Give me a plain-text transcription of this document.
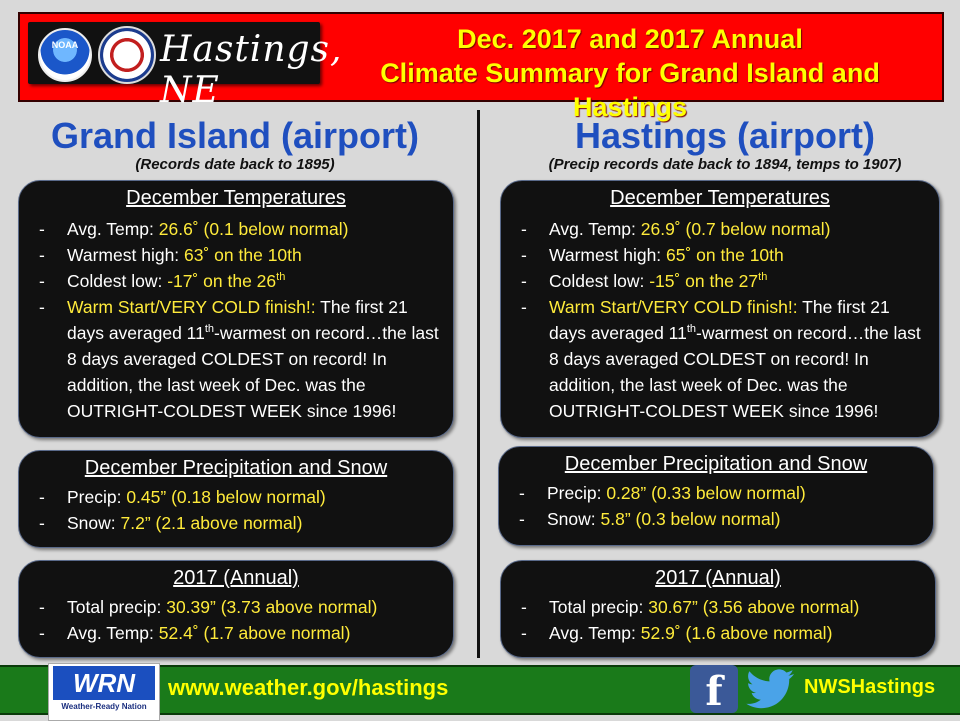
NOAA	Hastings, NE
Dec. 2017 and 2017 Annual
Climate Summary for Grand Island and Hastings
Grand Island (airport)
(Records date back to 1895)
December Temperatures
- Avg. Temp: 26.6˚ (0.1 below normal)
- Warmest high: 63˚ on the 10th
- Coldest low: -17˚ on the 26th
- Warm Start/VERY COLD finish!: The first 21 days averaged 11th-warmest on record…the last 8 days averaged COLDEST on record! In addition, the last week of Dec. was the OUTRIGHT-COLDEST WEEK since 1996!
December Precipitation and Snow
- Precip: 0.45” (0.18 below normal)
- Snow: 7.2” (2.1 above normal)
2017 (Annual)
- Total precip: 30.39” (3.73 above normal)
- Avg. Temp: 52.4˚ (1.7 above normal)
Hastings (airport)
(Precip records date back to 1894, temps to 1907)
December Temperatures
- Avg. Temp: 26.9˚ (0.7 below normal)
- Warmest high: 65˚ on the 10th
- Coldest low: -15˚ on the 27th
- Warm Start/VERY COLD finish!: The first 21 days averaged 11th-warmest on record…the last 8 days averaged COLDEST on record! In addition, the last week of Dec. was the OUTRIGHT-COLDEST WEEK since 1996!
December Precipitation and Snow
- Precip: 0.28” (0.33 below normal)
- Snow: 5.8” (0.3 below normal)
2017 (Annual)
- Total precip: 30.67” (3.56 above normal)
- Avg. Temp: 52.9˚ (1.6 above normal)
WRN
Weather-Ready Nation
www.weather.gov/hastings	f	NWSHastings
